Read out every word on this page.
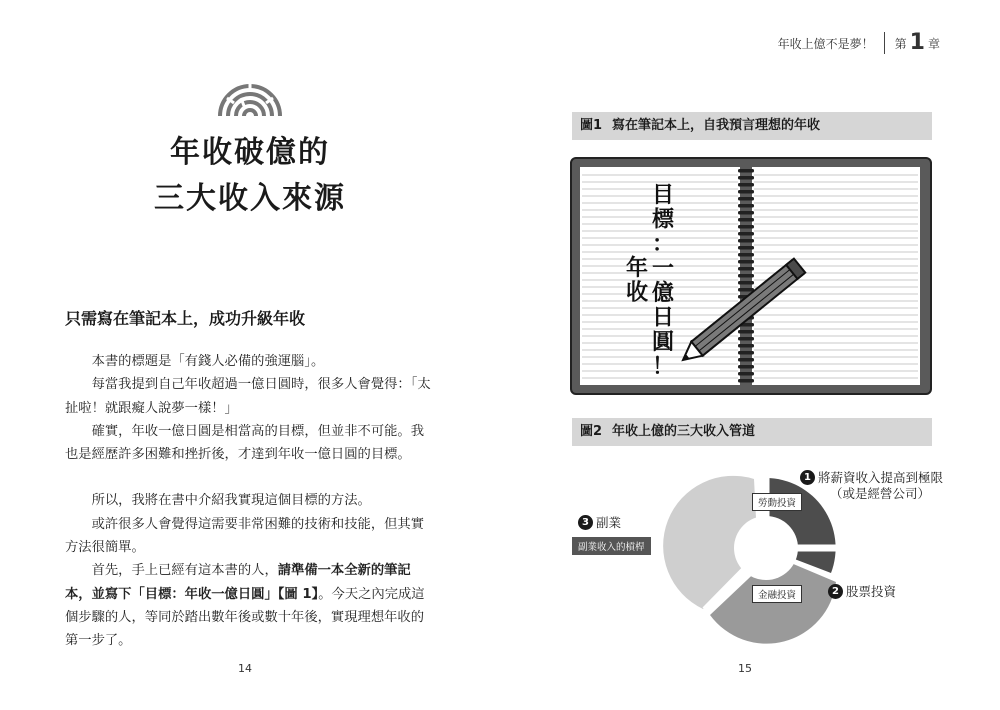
年收破億的
三大收入來源
只需寫在筆記本上，成功升級年收

本書的標題是「有錢人必備的強運腦」。

每當我提到自己年收超過一億日圓時，很多人會覺得：「太扯啦！就跟癡人說夢一樣！」

確實，年收一億日圓是相當高的目標，但並非不可能。我也是經歷許多困難和挫折後，才達到年收一億日圓的目標。

所以，我將在書中介紹我實現這個目標的方法。

或許很多人會覺得這需要非常困難的技術和技能，但其實方法很簡單。

首先，手上已經有這本書的人，請準備一本全新的筆記本，並寫下「目標：年收一億日圓」【圖 1】。今天之內完成這個步驟的人，等同於踏出數年後或數十年後，實現理想年收的第一步了。

14
年收上億不是夢！ 第 1 章
圖1 寫在筆記本上，自我預言理想的年收
目標：一億日圓！
年收
圖2 年收上億的三大收入管道
勞動投資
金融投資
副業收入的槓桿
1 將薪資收入提高到極限
（或是經營公司）
2 股票投資
3 副業
15
